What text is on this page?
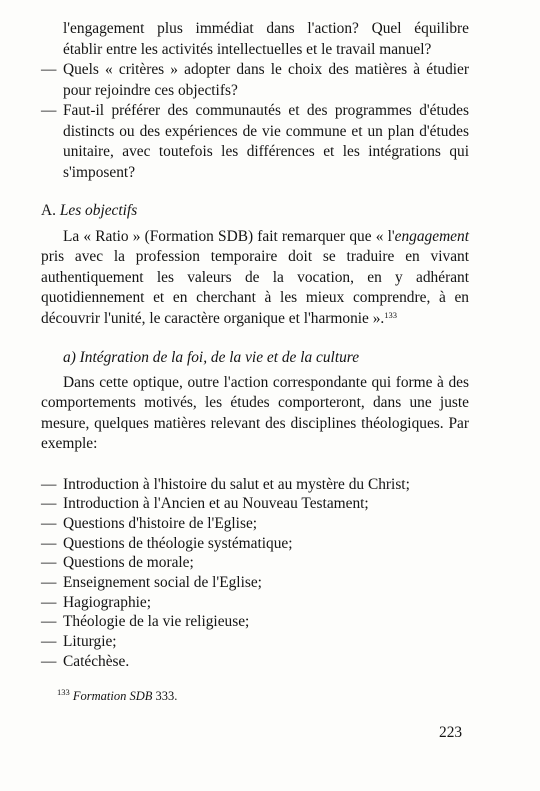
l'engagement plus immédiat dans l'action? Quel équilibre
établir entre les activités intellectuelles et le travail manuel?
— Quels « critères » adopter dans le choix des matières à étudier pour rejoindre ces objectifs?
— Faut-il préférer des communautés et des programmes d'études distincts ou des expériences de vie commune et un plan d'études unitaire, avec toutefois les différences et les intégrations qui s'imposent?
A. Les objectifs
La « Ratio » (Formation SDB) fait remarquer que « l'engagement pris avec la profession temporaire doit se traduire en vivant authentiquement les valeurs de la vocation, en y adhérant quotidiennement et en cherchant à les mieux comprendre, à en découvrir l'unité, le caractère organique et l'harmonie ».$^{133}$
a) Intégration de la foi, de la vie et de la culture
Dans cette optique, outre l'action correspondante qui forme à des comportements motivés, les études comporteront, dans une juste mesure, quelques matières relevant des disciplines théologiques. Par exemple:
— Introduction à l'histoire du salut et au mystère du Christ;
— Introduction à l'Ancien et au Nouveau Testament;
— Questions d'histoire de l'Eglise;
— Questions de théologie systématique;
— Questions de morale;
— Enseignement social de l'Eglise;
— Hagiographie;
— Théologie de la vie religieuse;
— Liturgie;
— Catéchèse.
$^{133}$ Formation SDB 333.
223
